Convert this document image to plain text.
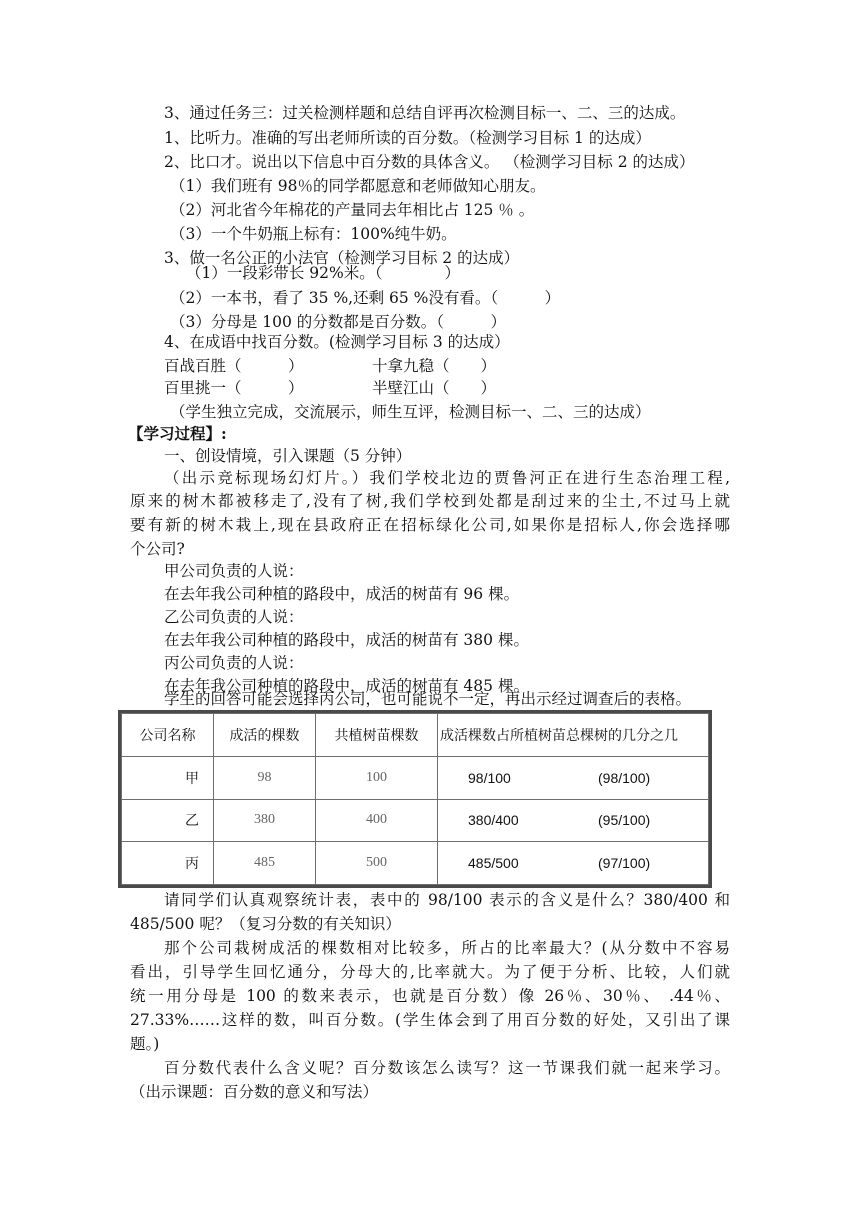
3、通过任务三：过关检测样题和总结自评再次检测目标一、二、三的达成。
1、比听力。准确的写出老师所读的百分数。（检测学习目标 1 的达成）
2、比口才。说出以下信息中百分数的具体含义。 （检测学习目标 2 的达成）
（1）我们班有 98％的同学都愿意和老师做知心朋友。
（2）河北省今年棉花的产量同去年相比占 125 ％ 。
（3）一个牛奶瓶上标有：100%纯牛奶。
3、做一名公正的小法官（检测学习目标 2 的达成）
（1）一段彩带长 92%米。（　　　　）
（2）一本书，看了 35 %,还剩 65 %没有看。（　　　）
（3）分母是 100 的分数都是百分数。（　　　）
4、在成语中找百分数。(检测学习目标 3 的达成）
百战百胜（　　　）	十拿九稳（　　）
百里挑一（　　　）	半壁江山（　　）
（学生独立完成，交流展示，师生互评，检测目标一、二、三的达成）
【学习过程】:
一、创设情境，引入课题（5 分钟）
（出示竞标现场幻灯片。）我们学校北边的贾鲁河正在进行生态治理工程,
原来的树木都被移走了,没有了树,我们学校到处都是刮过来的尘土,不过马上就
要有新的树木栽上,现在县政府正在招标绿化公司,如果你是招标人,你会选择哪
个公司?
甲公司负责的人说：
在去年我公司种植的路段中，成活的树苗有 96 棵。
乙公司负责的人说：
在去年我公司种植的路段中，成活的树苗有 380 棵。
丙公司负责的人说：
在去年我公司种植的路段中，成活的树苗有 485 棵。
学生的回答可能会选择丙公司，也可能说不一定，再出示经过调查后的表格。
公司名称	成活的棵数	共植树苗棵数	成活棵数占所植树苗总棵树的几分之几
甲	98	100	98/100 (98/100)
乙	380	400	380/400 (95/100)
丙	485	500	485/500 (97/100)
请同学们认真观察统计表，表中的 98/100 表示的含义是什么？380/400 和
485/500 呢？（复习分数的有关知识）
那个公司栽树成活的棵数相对比较多，所占的比率最大？(从分数中不容易
看出，引导学生回忆通分，分母大的,比率就大。为了便于分析、比较，人们就
统一用分母是 100 的数来表示，也就是百分数）像 26％、30％、 .44％、
27.33%……这样的数，叫百分数。(学生体会到了用百分数的好处，又引出了课
题。)
百分数代表什么含义呢？百分数该怎么读写？这一节课我们就一起来学习。
（出示课题：百分数的意义和写法）
